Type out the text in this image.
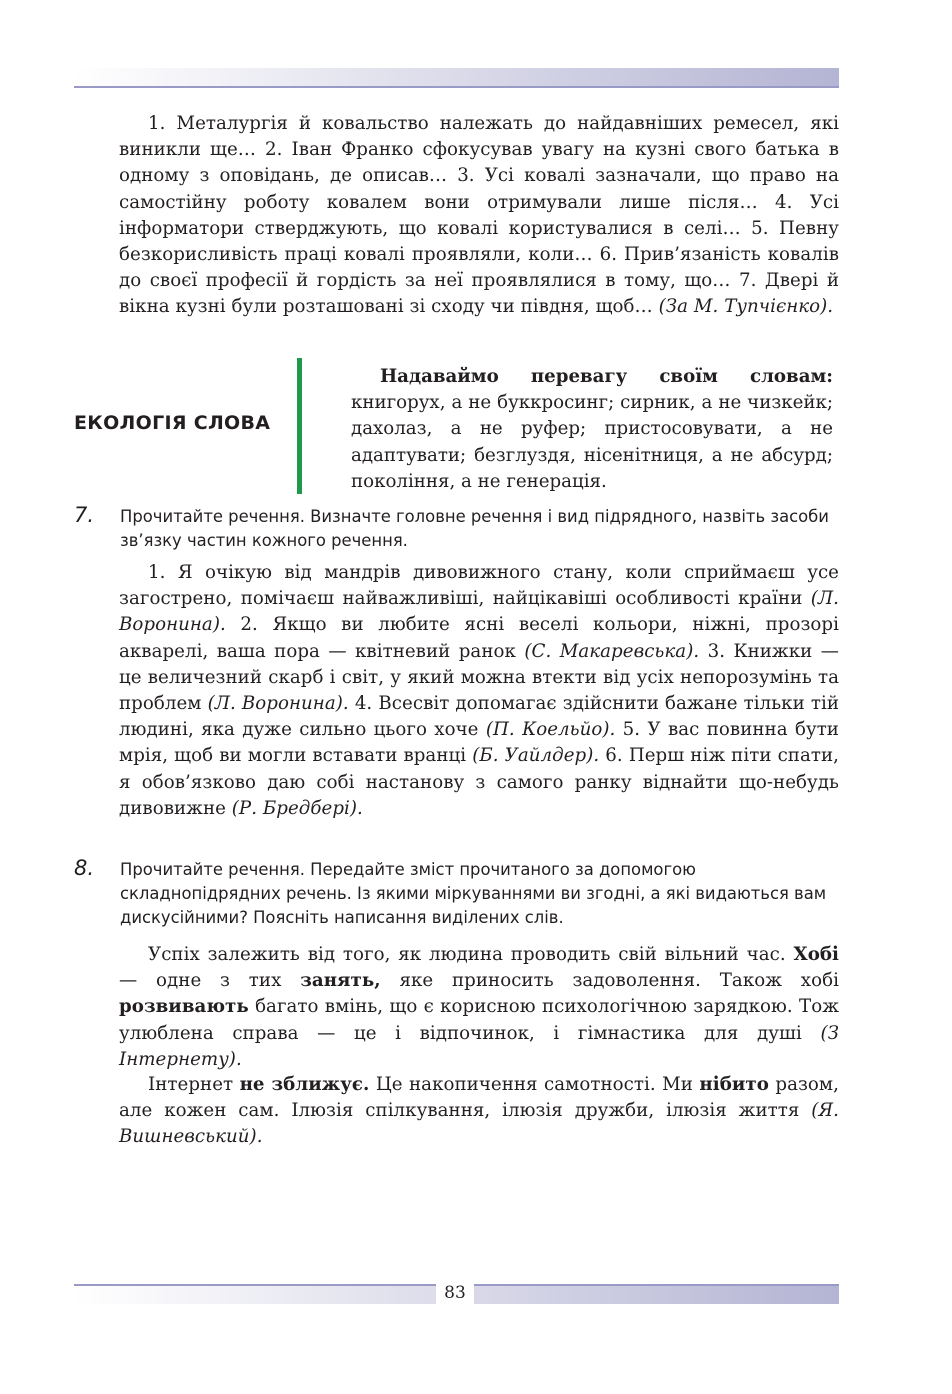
1. Металургія й ковальство належать до найдавніших ремесел, які виникли ще… 2. Іван Франко сфокусував увагу на кузні свого батька в одному з оповідань, де описав… 3. Усі ковалі зазначали, що право на самостійну роботу ковалем вони отримували лише після… 4. Усі інформатори стверджують, що ковалі користувалися в селі… 5. Певну безкорисливість праці ковалі проявляли, коли… 6. Прив’язаність ковалів до своєї професії й гордість за неї проявлялися в тому, що… 7. Двері й вікна кузні були розташовані зі сходу чи півдня, щоб… (За М. Тупчієнко).

ЕКОЛОГІЯ СЛОВА

Надаваймо перевагу своїм словам: книгорух, а не буккросинг; сирник, а не чизкейк; дахолаз, а не руфер; пристосовувати, а не адаптувати; безглуздя, нісенітниця, а не абсурд; покоління, а не генерація.

7. Прочитайте речення. Визначте головне речення і вид підрядного, назвіть засоби зв’язку частин кожного речення.

1. Я очікую від мандрів дивовижного стану, коли сприймаєш усе загострено, помічаєш найважливіші, найцікавіші особливості країни (Л. Воронина). 2. Якщо ви любите ясні веселі кольори, ніжні, прозорі акварелі, ваша пора — квітневий ранок (С. Макаревська). 3. Книжки — це величезний скарб і світ, у який можна втекти від усіх непорозумінь та проблем (Л. Воронина). 4. Всесвіт допомагає здійснити бажане тільки тій людині, яка дуже сильно цього хоче (П. Коельйо). 5. У вас повинна бути мрія, щоб ви могли вставати вранці (Б. Уайлдер). 6. Перш ніж піти спати, я обов’язково даю собі настанову з самого ранку віднайти що-небудь дивовижне (Р. Бредбері).

8. Прочитайте речення. Передайте зміст прочитаного за допомогою складнопідрядних речень. Із якими міркуваннями ви згодні, а які видаються вам дискусійними? Поясніть написання виділених слів.

Успіх залежить від того, як людина проводить свій вільний час. Хобі — одне з тих занять, яке приносить задоволення. Також хобі розвивають багато вмінь, що є корисною психологічною зарядкою. Тож улюблена справа — це і відпочинок, і гімнастика для душі (З Інтернету).

Інтернет не зближує. Це накопичення самотності. Ми нібито разом, але кожен сам. Ілюзія спілкування, ілюзія дружби, ілюзія життя (Я. Вишневський).

83
